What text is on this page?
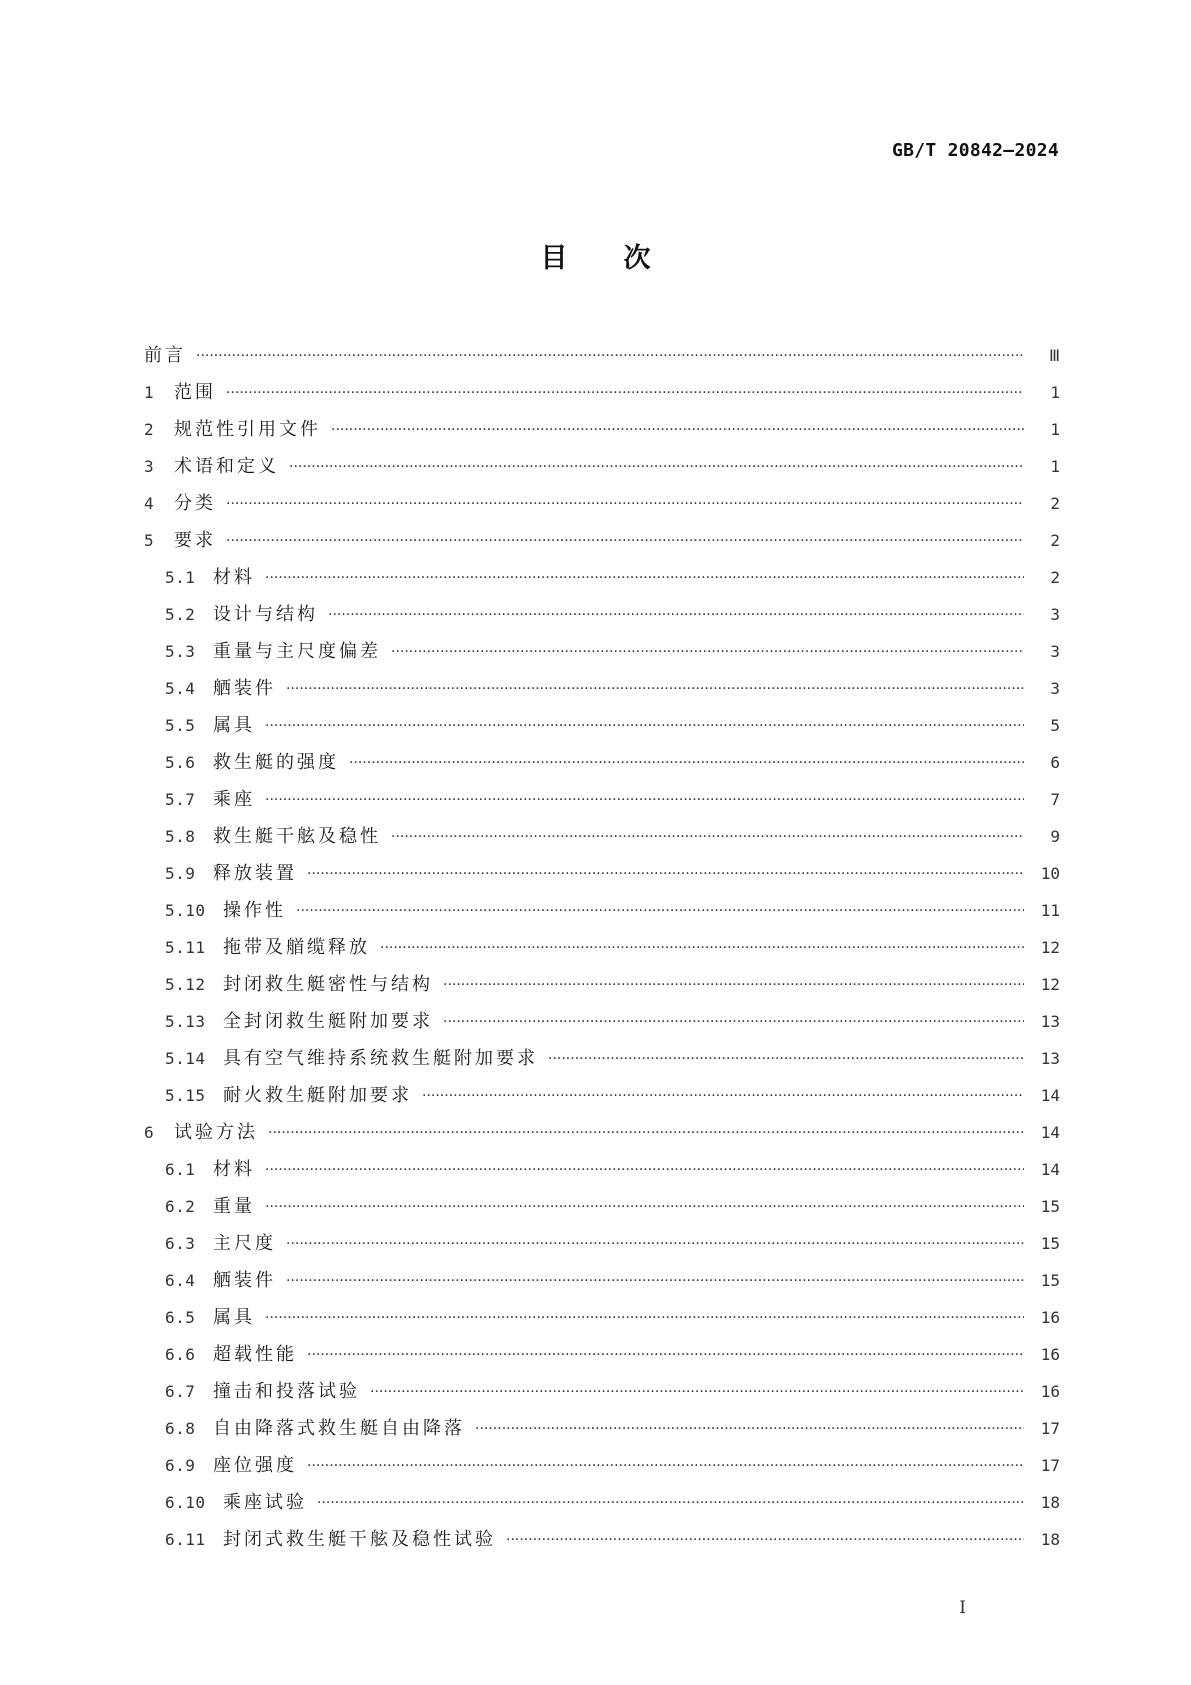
GB/T 20842—2024
目次
前言 ·····	Ⅲ
1	范围 ·····	1
2	规范性引用文件 ·····	1
3	术语和定义 ·····	1
4	分类 ·····	2
5	要求 ·····	2
5.1 材料 ·····	2
5.2 设计与结构 ·····	3
5.3 重量与主尺度偏差 ·····	3
5.4 舾装件 ·····	3
5.5 属具 ·····	5
5.6 救生艇的强度 ·····	6
5.7 乘座 ·····	7
5.8 救生艇干舷及稳性 ·····	9
5.9 释放装置 ·····	10
5.10 操作性 ·····	11
5.11 拖带及艏缆释放 ·····	12
5.12 封闭救生艇密性与结构 ·····	12
5.13 全封闭救生艇附加要求 ·····	13
5.14 具有空气维持系统救生艇附加要求 ·····	13
5.15 耐火救生艇附加要求 ·····	14
6	试验方法 ·····	14
6.1 材料 ·····	14
6.2 重量 ·····	15
6.3 主尺度 ·····	15
6.4 舾装件 ·····	15
6.5 属具 ·····	16
6.6 超载性能 ·····	16
6.7 撞击和投落试验 ·····	16
6.8 自由降落式救生艇自由降落 ·····	17
6.9 座位强度 ·····	17
6.10 乘座试验 ·····	18
6.11 封闭式救生艇干舷及稳性试验 ·····	18
I
